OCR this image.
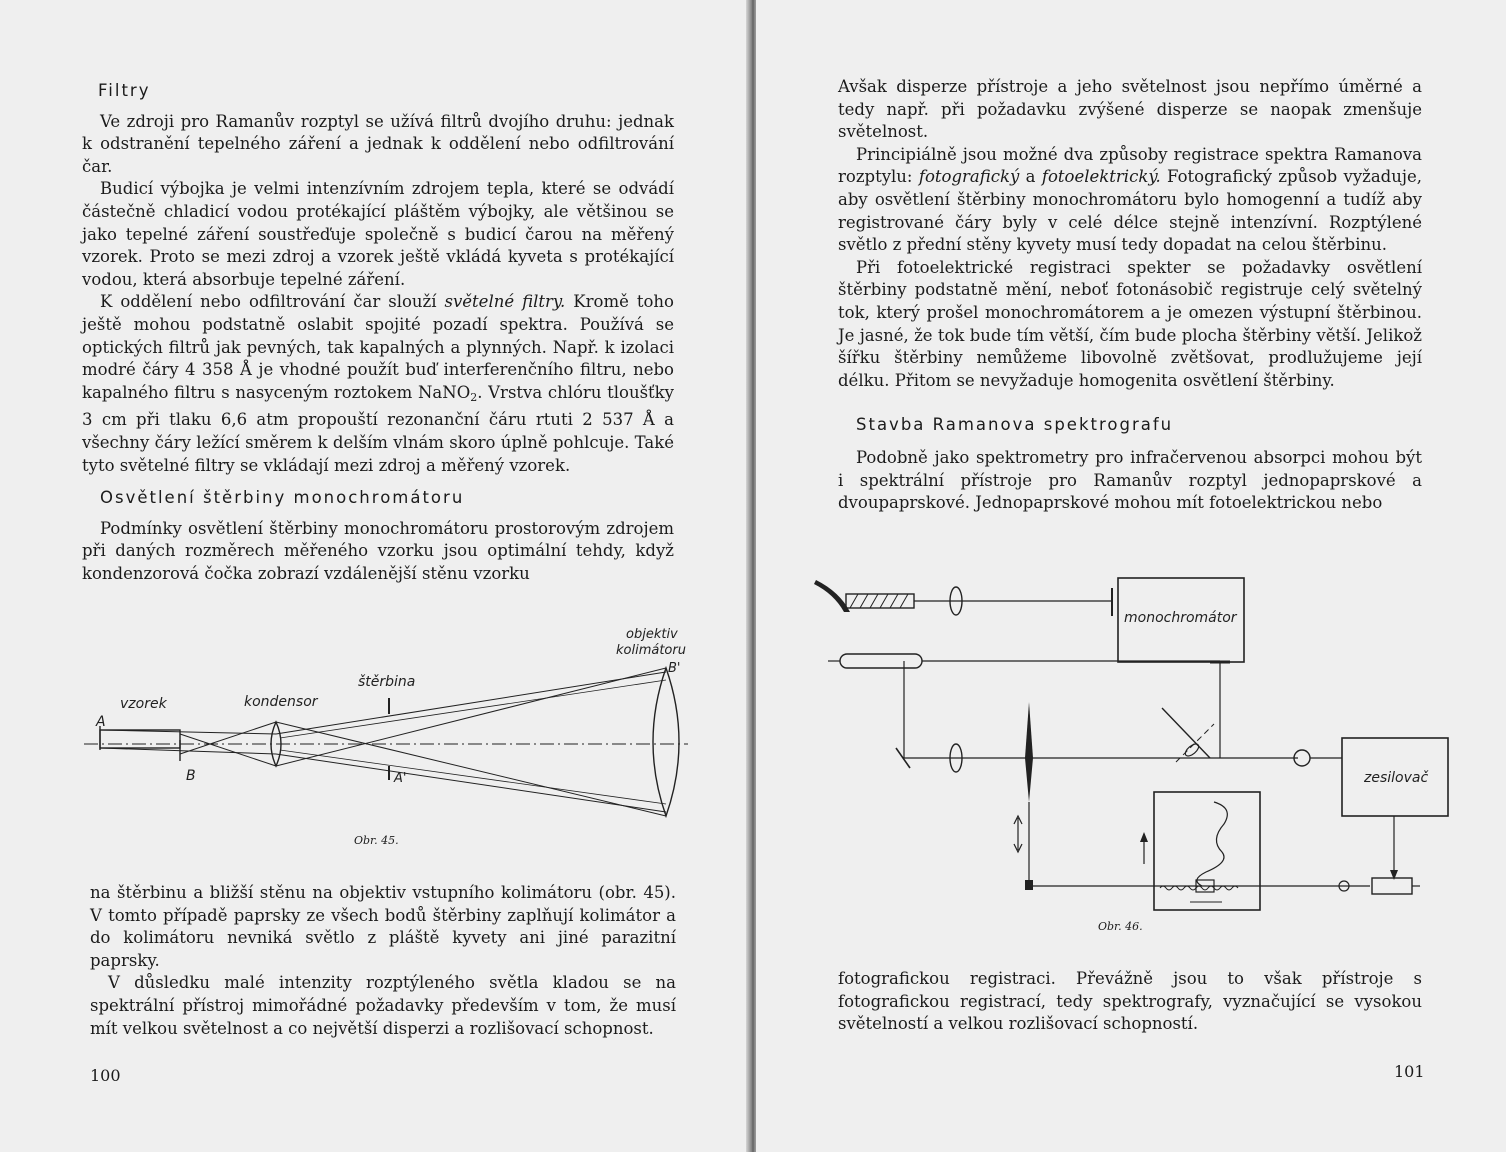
Filtry

Ve zdroji pro Ramanův rozptyl se užívá filtrů dvojího druhu: jednak k odstranění tepelného záření a jednak k oddělení nebo odfiltrování čar.

Budicí výbojka je velmi intenzívním zdrojem tepla, které se odvádí částečně chladicí vodou protékající pláštěm výbojky, ale většinou se jako tepelné záření soustřeďuje společně s budicí čarou na měřený vzorek. Proto se mezi zdroj a vzorek ještě vkládá kyveta s protékající vodou, která absorbuje tepelné záření.

K oddělení nebo odfiltrování čar slouží světelné filtry. Kromě toho ještě mohou podstatně oslabit spojité pozadí spektra. Používá se optických filtrů jak pevných, tak kapalných a plynných. Např. k izolaci modré čáry 4 358 Å je vhodné použít buď interferenčního filtru, nebo kapalného filtru s nasyceným roztokem NaNO$_2$. Vrstva chlóru tloušťky 3 cm při tlaku 6,6 atm propouští rezonanční čáru rtuti 2 537 Å a všechny čáry ležící směrem k delším vlnám skoro úplně pohlcuje. Také tyto světelné filtry se vkládají mezi zdroj a měřený vzorek.

Osvětlení štěrbiny monochromátoru

Podmínky osvětlení štěrbiny monochromátoru prostorovým zdrojem při daných rozměrech měřeného vzorku jsou optimální tehdy, když kondenzorová čočka zobrazí vzdálenější stěnu vzorku

vzorek
A
B
kondensor
štěrbina
A'
objektiv
kolimátoru
B'
Obr. 45.

na štěrbinu a bližší stěnu na objektiv vstupního kolimátoru (obr. 45). V tomto případě paprsky ze všech bodů štěrbiny zaplňují kolimátor a do kolimátoru nevniká světlo z pláště kyvety ani jiné parazitní paprsky.

V důsledku malé intenzity rozptýleného světla kladou se na spektrální přístroj mimořádné požadavky především v tom, že musí mít velkou světelnost a co největší disperzi a rozlišovací schopnost.

100

Avšak disperze přístroje a jeho světelnost jsou nepřímo úměrné a tedy např. při požadavku zvýšené disperze se naopak zmenšuje světelnost.

Principiálně jsou možné dva způsoby registrace spektra Ramanova rozptylu: fotografický a fotoelektrický. Fotografický způsob vyžaduje, aby osvětlení štěrbiny monochromátoru bylo homogenní a tudíž aby registrované čáry byly v celé délce stejně intenzívní. Rozptýlené světlo z přední stěny kyvety musí tedy dopadat na celou štěrbinu.

Při fotoelektrické registraci spekter se požadavky osvětlení štěrbiny podstatně mění, neboť fotonásobič registruje celý světelný tok, který prošel monochromátorem a je omezen výstupní štěrbinou. Je jasné, že tok bude tím větší, čím bude plocha štěrbiny větší. Jelikož šířku štěrbiny nemůžeme libovolně zvětšovat, prodlužujeme její délku. Přitom se nevyžaduje homogenita osvětlení štěrbiny.

Stavba Ramanova spektrografu

Podobně jako spektrometry pro infračervenou absorpci mohou být i spektrální přístroje pro Ramanův rozptyl jednopaprskové a dvoupaprskové. Jednopaprskové mohou mít fotoelektrickou nebo

monochromátor
zesilovač
Obr. 46.

fotografickou registraci. Převážně jsou to však přístroje s fotografickou registrací, tedy spektrografy, vyznačující se vysokou světelností a velkou rozlišovací schopností.

101
